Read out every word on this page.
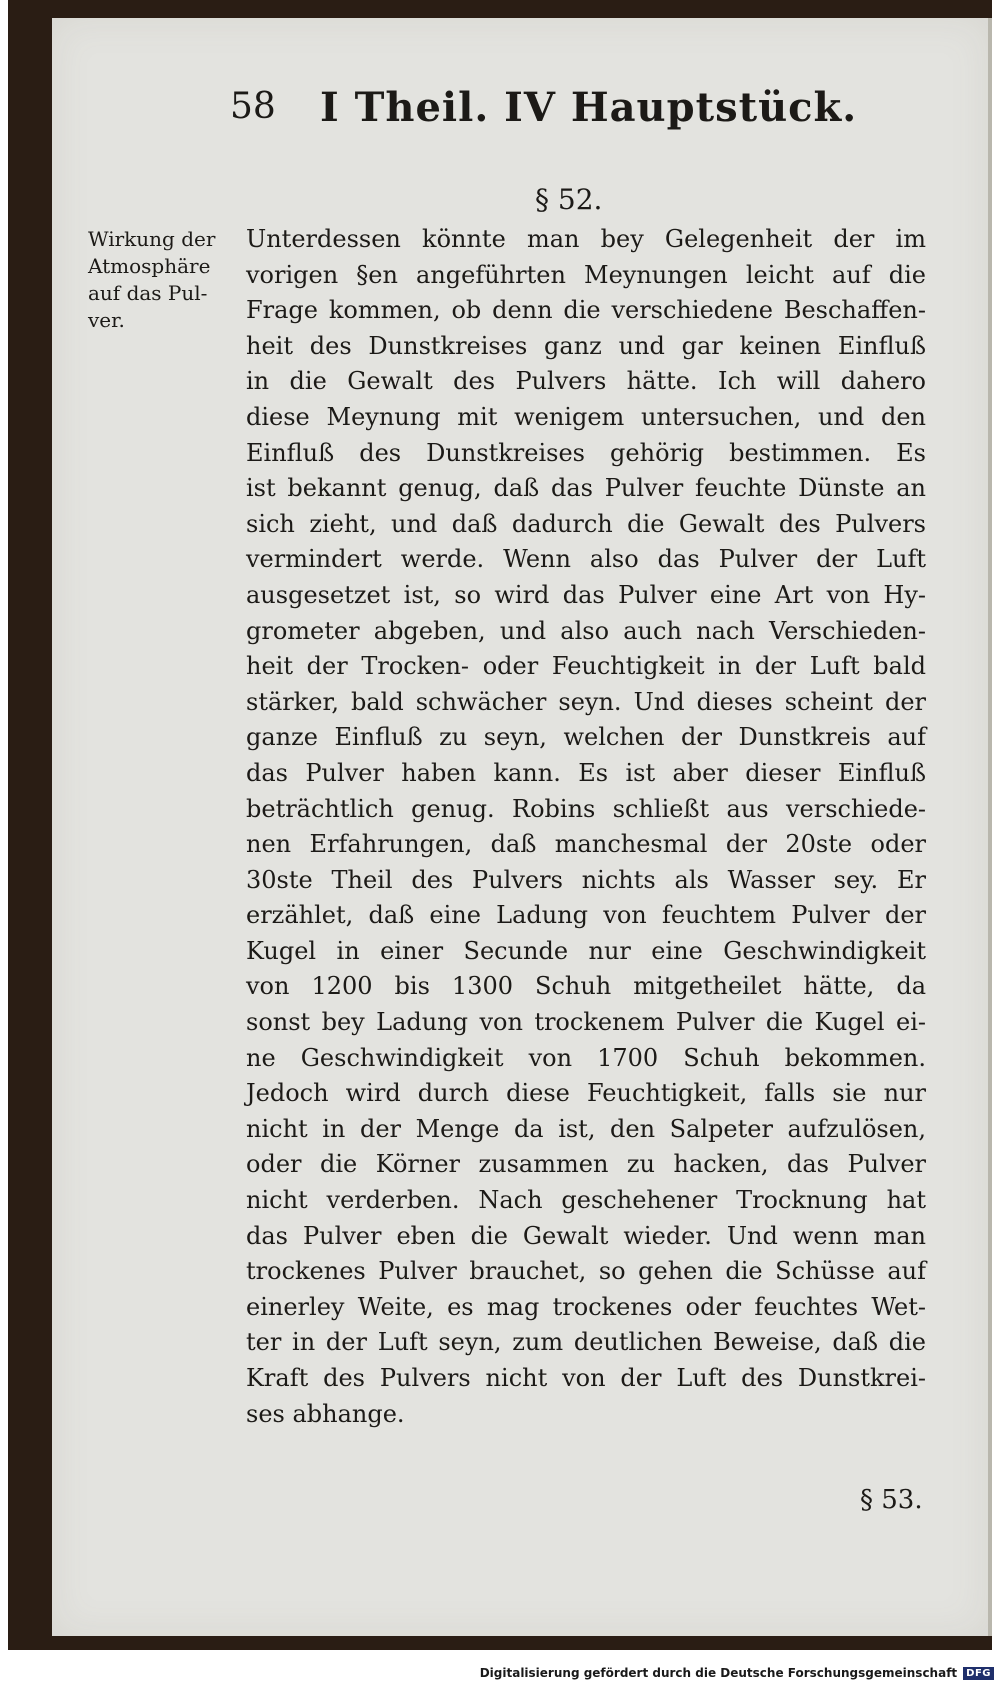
58 I Theil. IV Hauptstück.
§ 52.
Wirkung der
Atmosphäre
auf das Pul-
ver.
Unterdessen könnte man bey Gelegenheit der im
vorigen §en angeführten Meynungen leicht auf die
Frage kommen, ob denn die verschiedene Beschaffen-
heit des Dunstkreises ganz und gar keinen Einfluß
in die Gewalt des Pulvers hätte. Ich will dahero
diese Meynung mit wenigem untersuchen, und den
Einfluß des Dunstkreises gehörig bestimmen. Es
ist bekannt genug, daß das Pulver feuchte Dünste an
sich zieht, und daß dadurch die Gewalt des Pulvers
vermindert werde. Wenn also das Pulver der Luft
ausgesetzet ist, so wird das Pulver eine Art von Hy-
grometer abgeben, und also auch nach Verschieden-
heit der Trocken- oder Feuchtigkeit in der Luft bald
stärker, bald schwächer seyn. Und dieses scheint der
ganze Einfluß zu seyn, welchen der Dunstkreis auf
das Pulver haben kann. Es ist aber dieser Einfluß
beträchtlich genug. Robins schließt aus verschiede-
nen Erfahrungen, daß manchesmal der 20ste oder
30ste Theil des Pulvers nichts als Wasser sey. Er
erzählet, daß eine Ladung von feuchtem Pulver der
Kugel in einer Secunde nur eine Geschwindigkeit
von 1200 bis 1300 Schuh mitgetheilet hätte, da
sonst bey Ladung von trockenem Pulver die Kugel ei-
ne Geschwindigkeit von 1700 Schuh bekommen.
Jedoch wird durch diese Feuchtigkeit, falls sie nur
nicht in der Menge da ist, den Salpeter aufzulösen,
oder die Körner zusammen zu hacken, das Pulver
nicht verderben. Nach geschehener Trocknung hat
das Pulver eben die Gewalt wieder. Und wenn man
trockenes Pulver brauchet, so gehen die Schüsse auf
einerley Weite, es mag trockenes oder feuchtes Wet-
ter in der Luft seyn, zum deutlichen Beweise, daß die
Kraft des Pulvers nicht von der Luft des Dunstkrei-
ses abhange.
§ 53.
Digitalisierung gefördert durch die Deutsche Forschungsgemeinschaft DFG
